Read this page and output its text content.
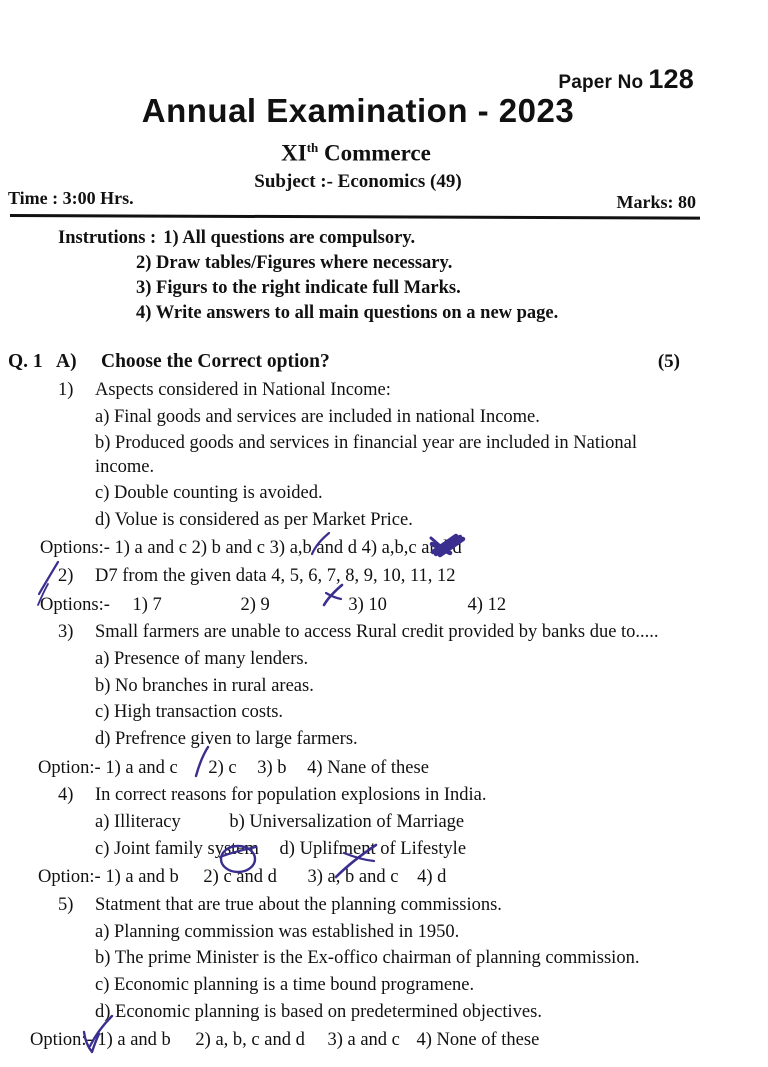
Paper No 128
Annual Examination - 2023
XIth Commerce
Subject :- Economics (49)
Time : 3:00 Hrs.	Marks: 80
Instrutions : 1) All questions are compulsory.
2) Draw tables/Figures where necessary.
3) Figurs to the right indicate full Marks.
4) Write answers to all main questions on a new page.
Q. 1 A) Choose the Correct option?	(5)
1) Aspects considered in National Income:
a) Final goods and services are included in national Income.
b) Produced goods and services in financial year are included in National income.
c) Double counting is avoided.
d) Volue is considered as per Market Price.
Options:- 1) a and c 2) b and c 3) a,b and d 4) a,b,c and d
2) D7 from the given data 4, 5, 6, 7, 8, 9, 10, 11, 12
Options:- 1) 7	2) 9	3) 10	4) 12
3) Small farmers are unable to access Rural credit provided by banks due to.....
a) Presence of many lenders.
b) No branches in rural areas.
c) High transaction costs.
d) Prefrence given to large farmers.
Option:- 1) a and c 2) c 3) b 4) Nane of these
4) In correct reasons for population explosions in India.
a) Illiteracy	b) Universalization of Marriage
c) Joint family system d) Uplifment of Lifestyle
Option:- 1) a and b 2) c and d 3) a, b and c 4) d
5) Statment that are true about the planning commissions.
a) Planning commission was established in 1950.
b) The prime Minister is the Ex-offico chairman of planning commission.
c) Economic planning is a time bound programene.
d) Economic planning is based on predetermined objectives.
Option:- 1) a and b 2) a, b, c and d 3) a and c 4) None of these
